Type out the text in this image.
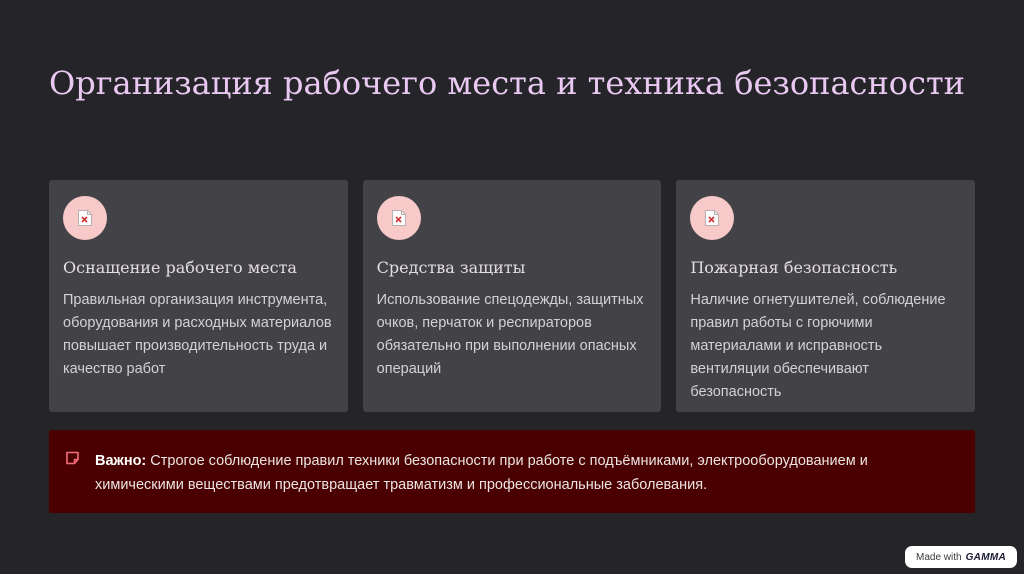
Организация рабочего места и техника безопасности
Оснащение рабочего места

Правильная организация инструмента, оборудования и расходных материалов повышает производительность труда и качество работ

Средства защиты

Использование спецодежды, защитных очков, перчаток и респираторов обязательно при выполнении опасных операций

Пожарная безопасность

Наличие огнетушителей, соблюдение правил работы с горючими материалами и исправность вентиляции обеспечивают безопасность

Важно: Строгое соблюдение правил техники безопасности при работе с подъёмниками, электрооборудованием и химическими веществами предотвращает травматизм и профессиональные заболевания.

Made with GAMMA
